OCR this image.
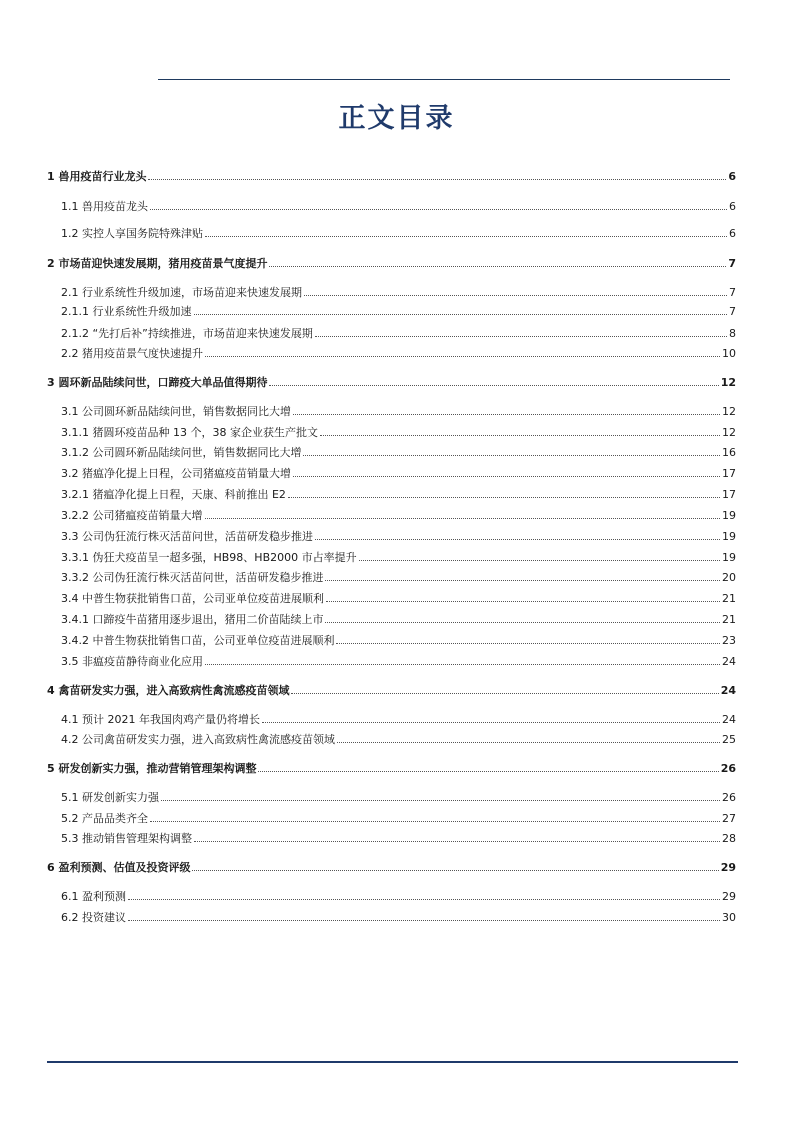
正文目录
1 兽用疫苗行业龙头	6
1.1 兽用疫苗龙头	6
1.2 实控人享国务院特殊津贴	6
2 市场苗迎快速发展期，猪用疫苗景气度提升	7
2.1 行业系统性升级加速，市场苗迎来快速发展期	7
2.1.1 行业系统性升级加速	7
2.1.2 “先打后补”持续推进，市场苗迎来快速发展期	8
2.2 猪用疫苗景气度快速提升	10
3 圆环新品陆续问世，口蹄疫大单品值得期待	12
3.1 公司圆环新品陆续问世，销售数据同比大增	12
3.1.1 猪圆环疫苗品种 13 个，38 家企业获生产批文	12
3.1.2 公司圆环新品陆续问世，销售数据同比大增	16
3.2 猪瘟净化提上日程，公司猪瘟疫苗销量大增	17
3.2.1 猪瘟净化提上日程，天康、科前推出 E2	17
3.2.2 公司猪瘟疫苗销量大增	19
3.3 公司伪狂流行株灭活苗问世，活苗研发稳步推进	19
3.3.1 伪狂犬疫苗呈一超多强，HB98、HB2000 市占率提升	19
3.3.2 公司伪狂流行株灭活苗问世，活苗研发稳步推进	20
3.4 中普生物获批销售口苗，公司亚单位疫苗进展顺利	21
3.4.1 口蹄疫牛苗猪用逐步退出，猪用二价苗陆续上市	21
3.4.2 中普生物获批销售口苗，公司亚单位疫苗进展顺利	23
3.5 非瘟疫苗静待商业化应用	24
4 禽苗研发实力强，进入高致病性禽流感疫苗领域	24
4.1 预计 2021 年我国肉鸡产量仍将增长	24
4.2 公司禽苗研发实力强，进入高致病性禽流感疫苗领域	25
5 研发创新实力强，推动营销管理架构调整	26
5.1 研发创新实力强	26
5.2 产品品类齐全	27
5.3 推动销售管理架构调整	28
6 盈利预测、估值及投资评级	29
6.1 盈利预测	29
6.2 投资建议	30
